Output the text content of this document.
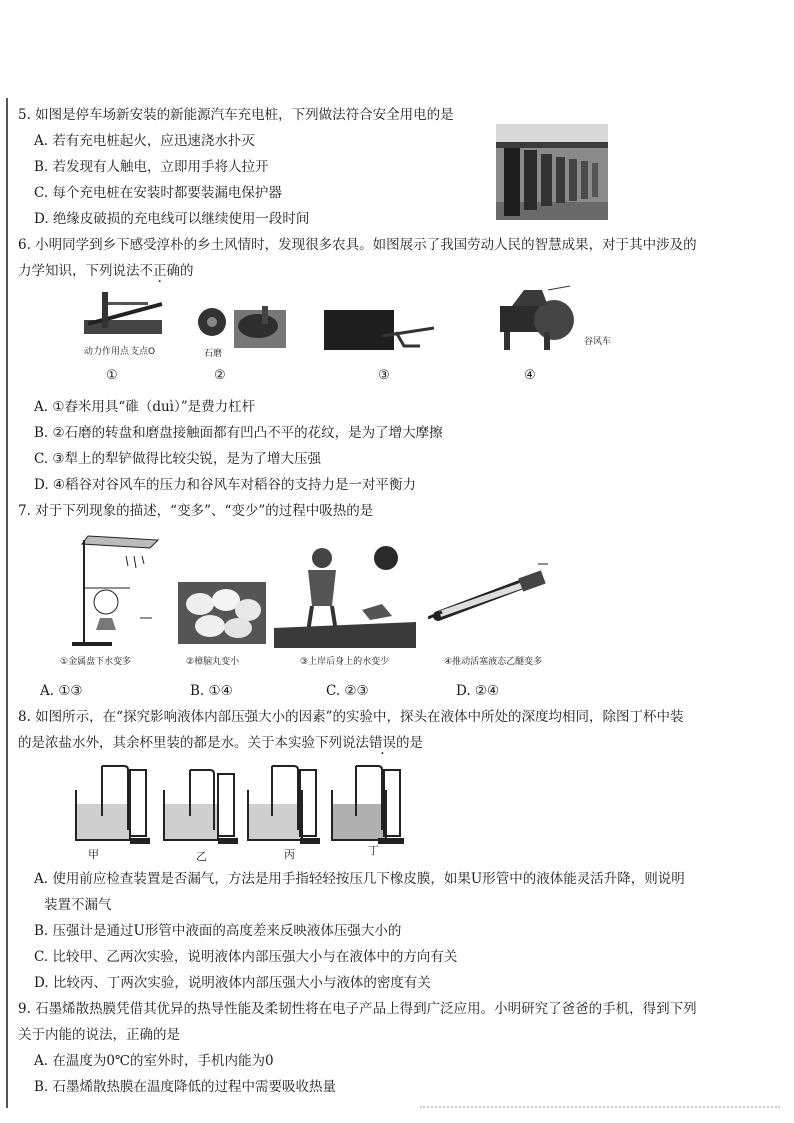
5. 如图是停车场新安装的新能源汽车充电桩，下列做法符合安全用电的是
A. 若有充电桩起火，应迅速浇水扑灭
B. 若发现有人触电，立即用手将人拉开
C. 每个充电桩在安装时都要装漏电保护器
D. 绝缘皮破损的充电线可以继续使用一段时间
6. 小明同学到乡下感受淳朴的乡土风情时，发现很多农具。如图展示了我国劳动人民的智慧成果，对于其中涉及的
力学知识，下列说法不正确的
动力作用点 支点O	石磨
谷风车
①	②	③	④
A. ①舂米用具“碓（duì）”是费力杠杆
B. ②石磨的转盘和磨盘接触面都有凹凸不平的花纹，是为了增大摩擦
C. ③犁上的犁铲做得比较尖锐，是为了增大压强
D. ④稻谷对谷风车的压力和谷风车对稻谷的支持力是一对平衡力
7. 对于下列现象的描述，“变多”、“变少”的过程中吸热的是
①金属盘下水变多	②樟脑丸变小	③上岸后身上的水变少	④推动活塞液态乙醚变多
A. ①③	B. ①④	C. ②③	D. ②④
8. 如图所示，在“探究影响液体内部压强大小的因素”的实验中，探头在液体中所处的深度均相同，除图丁杯中装
的是浓盐水外，其余杯里装的都是水。关于本实验下列说法错误的是
甲	乙	丙	丁
A. 使用前应检查装置是否漏气，方法是用手指轻轻按压几下橡皮膜，如果U形管中的液体能灵活升降，则说明
装置不漏气
B. 压强计是通过U形管中液面的高度差来反映液体压强大小的
C. 比较甲、乙两次实验，说明液体内部压强大小与在液体中的方向有关
D. 比较丙、丁两次实验，说明液体内部压强大小与液体的密度有关
9. 石墨烯散热膜凭借其优异的热导性能及柔韧性将在电子产品上得到广泛应用。小明研究了爸爸的手机，得到下列
关于内能的说法，正确的是
A. 在温度为0℃的室外时，手机内能为0
B. 石墨烯散热膜在温度降低的过程中需要吸收热量
